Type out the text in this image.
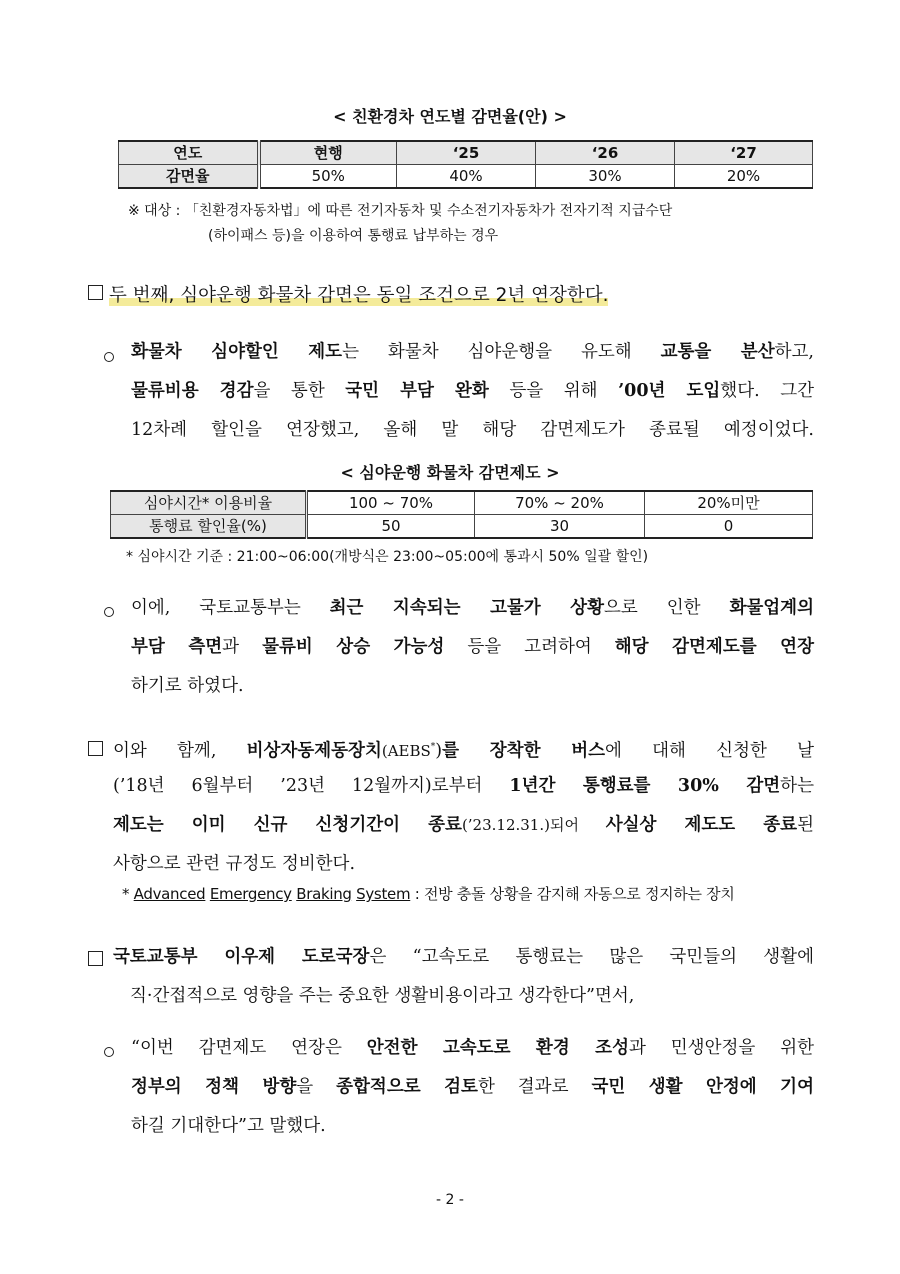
< 친환경차 연도별 감면율(안) >
연도	현행	‘25	‘26	‘27
감면율	50%	40%	30%	20%
※ 대상 : 「친환경자동차법」에 따른 전기자동차 및 수소전기자동차가 전자기적 지급수단
(하이패스 등)을 이용하여 통행료 납부하는 경우
두 번째, 심야운행 화물차 감면은 동일 조건으로 2년 연장한다.
화물차 심야할인 제도는 화물차 심야운행을 유도해 교통을 분산하고,
물류비용 경감을 통한 국민 부담 완화 등을 위해 ’00년 도입했다. 그간
12차례 할인을 연장했고, 올해 말 해당 감면제도가 종료될 예정이었다.
< 심야운행 화물차 감면제도 >
심야시간* 이용비율	100 ~ 70%	70% ~ 20%	20%미만
통행료 할인율(%)	50	30	0
* 심야시간 기준 : 21:00~06:00(개방식은 23:00~05:00에 통과시 50% 일괄 할인)
이에, 국토교통부는 최근 지속되는 고물가 상황으로 인한 화물업계의
부담 측면과 물류비 상승 가능성 등을 고려하여 해당 감면제도를 연장
하기로 하였다.
이와 함께, 비상자동제동장치(AEBS*)를 장착한 버스에 대해 신청한 날
(’18년 6월부터 ’23년 12월까지)로부터 1년간 통행료를 30% 감면하는
제도는 이미 신규 신청기간이 종료(’23.12.31.)되어 사실상 제도도 종료된
사항으로 관련 규정도 정비한다.
* Advanced Emergency Braking System : 전방 충돌 상황을 감지해 자동으로 정지하는 장치
국토교통부 이우제 도로국장은 “고속도로 통행료는 많은 국민들의 생활에
직·간접적으로 영향을 주는 중요한 생활비용이라고 생각한다”면서,
“이번 감면제도 연장은 안전한 고속도로 환경 조성과 민생안정을 위한
정부의 정책 방향을 종합적으로 검토한 결과로 국민 생활 안정에 기여
하길 기대한다”고 말했다.
- 2 -
